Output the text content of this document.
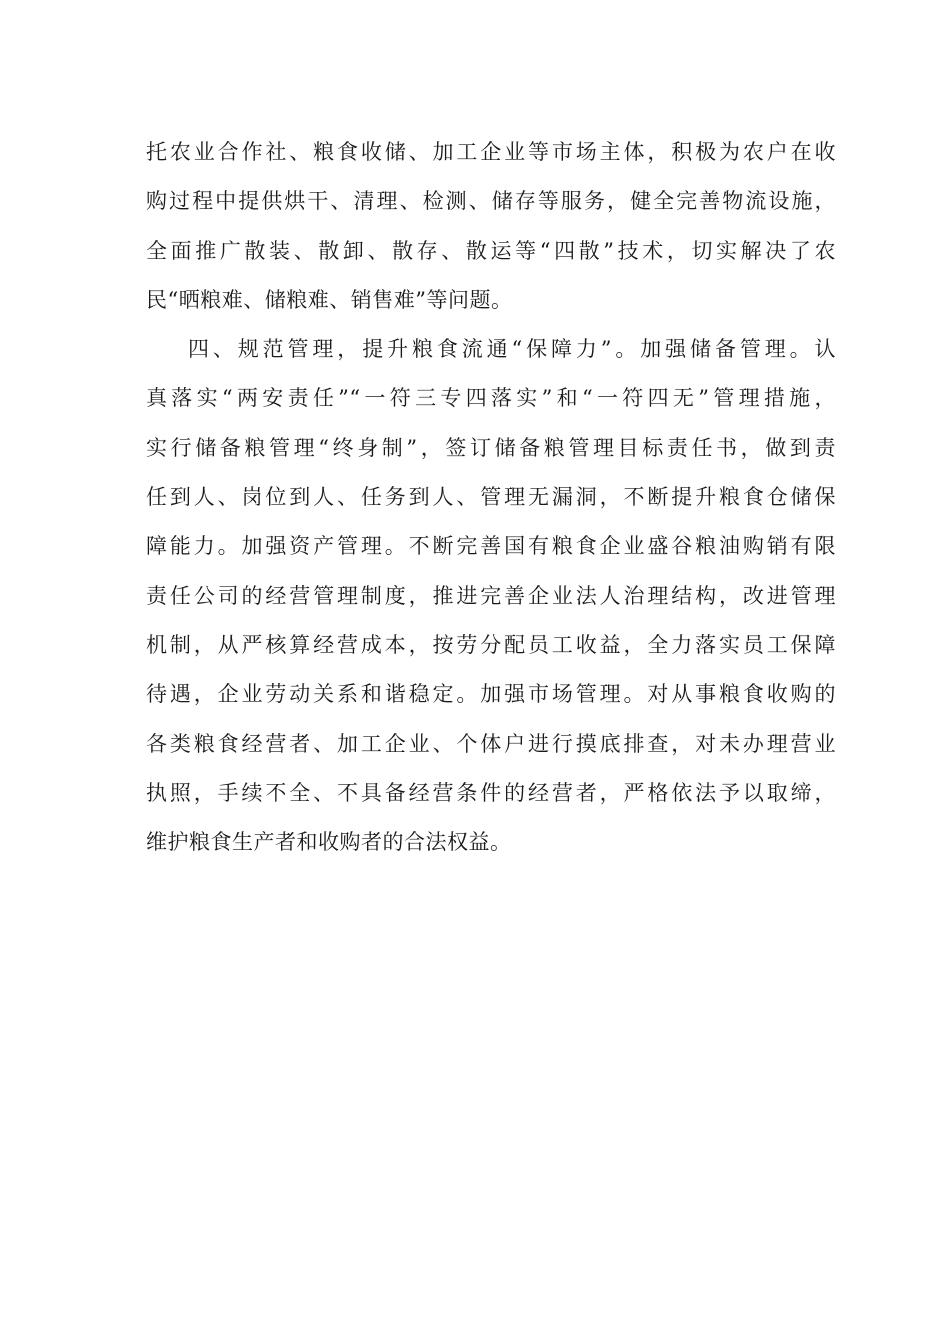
托农业合作社、粮食收储、加工企业等市场主体，积极为农户在收
购过程中提供烘干、清理、检测、储存等服务，健全完善物流设施，
全面推广散装、散卸、散存、散运等“四散”技术，切实解决了农
民“晒粮难、储粮难、销售难”等问题。
四、规范管理，提升粮食流通“保障力”。加强储备管理。认
真落实“两安责任”“一符三专四落实”和“一符四无”管理措施，
实行储备粮管理“终身制”，签订储备粮管理目标责任书，做到责
任到人、岗位到人、任务到人、管理无漏洞，不断提升粮食仓储保
障能力。加强资产管理。不断完善国有粮食企业盛谷粮油购销有限
责任公司的经营管理制度，推进完善企业法人治理结构，改进管理
机制，从严核算经营成本，按劳分配员工收益，全力落实员工保障
待遇，企业劳动关系和谐稳定。加强市场管理。对从事粮食收购的
各类粮食经营者、加工企业、个体户进行摸底排查，对未办理营业
执照，手续不全、不具备经营条件的经营者，严格依法予以取缔，
维护粮食生产者和收购者的合法权益。
